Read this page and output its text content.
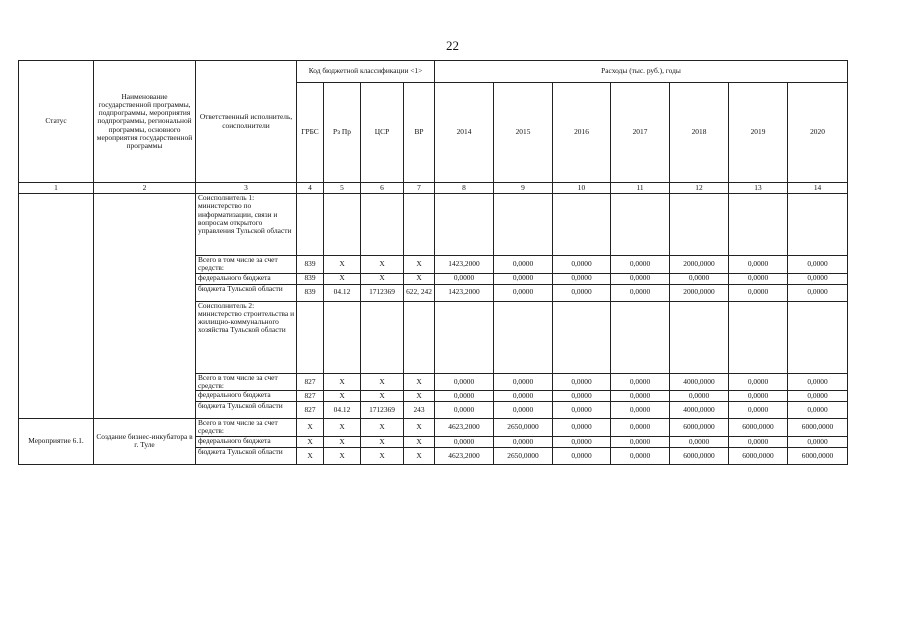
22
Статус	Наименование государственной программы, подпрограммы, мероприятия подпрограммы, региональной программы, основного мероприятия государственной программы	Ответственный исполнитель, соисполнители	Код бюджетной классификации <1>				Расходы (тыс. руб.), годы						
			ГРБС	Рз Пр	ЦСР	ВР	2014	2015	2016	2017	2018	2019	2020
1	2	3	4	5	6	7	8	9	10	11	12	13	14
		Соисполнитель 1: министерство по информатизации, связи и вопросам открытого управления Тульской области											
		Всего в том числе за счет средств:	839	X	X	X	1423,2000	0,0000	0,0000	0,0000	2000,0000	0,0000	0,0000
		федерального бюджета	839	X	X	X	0,0000	0,0000	0,0000	0,0000	0,0000	0,0000	0,0000
		бюджета Тульской области	839	04.12	1712369	622, 242	1423,2000	0,0000	0,0000	0,0000	2000,0000	0,0000	0,0000
		Соисполнитель 2: министерство строительства и жилищно-коммунального хозяйства Тульской области											
		Всего в том числе за счет средств:	827	X	X	X	0,0000	0,0000	0,0000	0,0000	4000,0000	0,0000	0,0000
		федерального бюджета	827	X	X	X	0,0000	0,0000	0,0000	0,0000	0,0000	0,0000	0,0000
		бюджета Тульской области	827	04.12	1712369	243	0,0000	0,0000	0,0000	0,0000	4000,0000	0,0000	0,0000
Мероприятие 6.1.	Создание бизнес-инкубатора в г. Туле	Всего в том числе за счет средств:	X	X	X	X	4623,2000	2650,0000	0,0000	0,0000	6000,0000	6000,0000	6000,0000
		федерального бюджета	X	X	X	X	0,0000	0,0000	0,0000	0,0000	0,0000	0,0000	0,0000
		бюджета Тульской области	X	X	X	X	4623,2000	2650,0000	0,0000	0,0000	6000,0000	6000,0000	6000,0000
